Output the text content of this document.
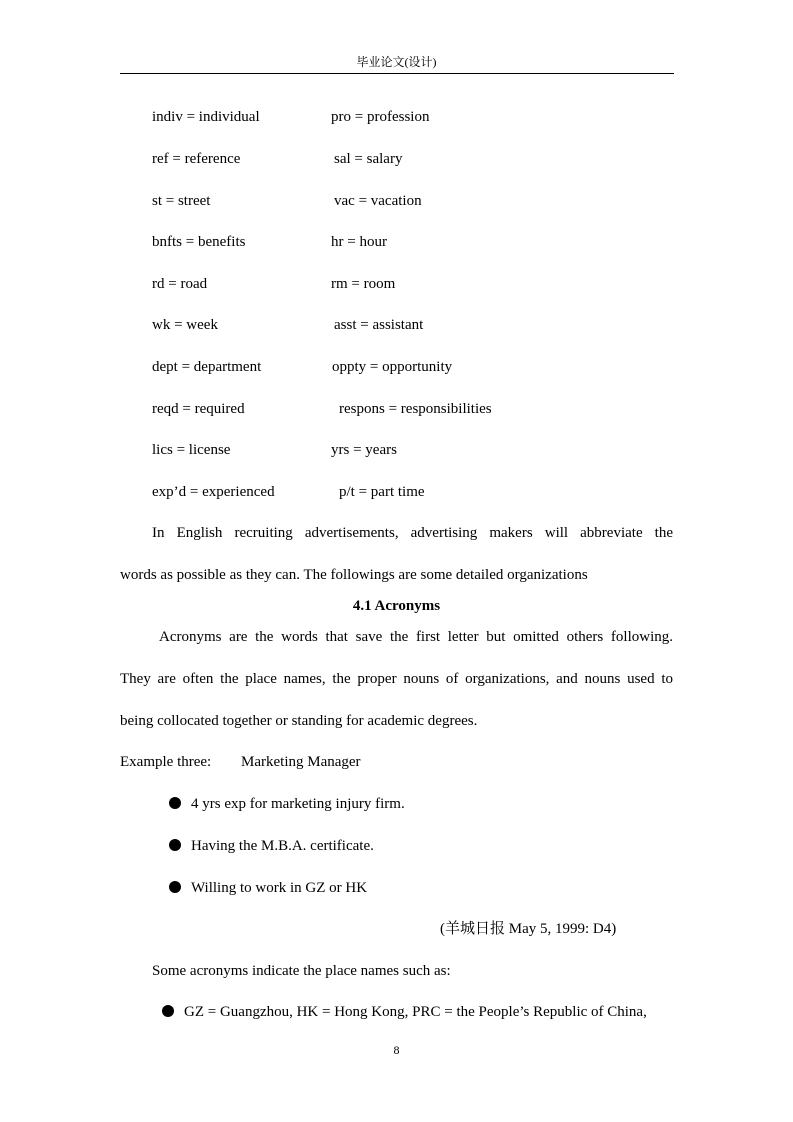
毕业论文(设计)
indiv = individual	pro = profession
ref = reference	sal = salary
st = street	vac = vacation
bnfts = benefits	hr = hour
rd = road	rm = room
wk = week	asst = assistant
dept = department	oppty = opportunity
reqd = required	respons = responsibilities
lics = license	yrs = years
exp’d = experienced	p/t = part time
In English recruiting advertisements, advertising makers will abbreviate the
words as possible as they can. The followings are some detailed organizations
4.1 Acronyms
Acronyms are the words that save the first letter but omitted others following.
They are often the place names, the proper nouns of organizations, and nouns used to
being collocated together or standing for academic degrees.
Example three: Marketing Manager
4 yrs exp for marketing injury firm.
Having the M.B.A. certificate.
Willing to work in GZ or HK
(羊城日报 May 5, 1999: D4)
Some acronyms indicate the place names such as:
GZ = Guangzhou, HK = Hong Kong, PRC = the People’s Republic of China,
8
